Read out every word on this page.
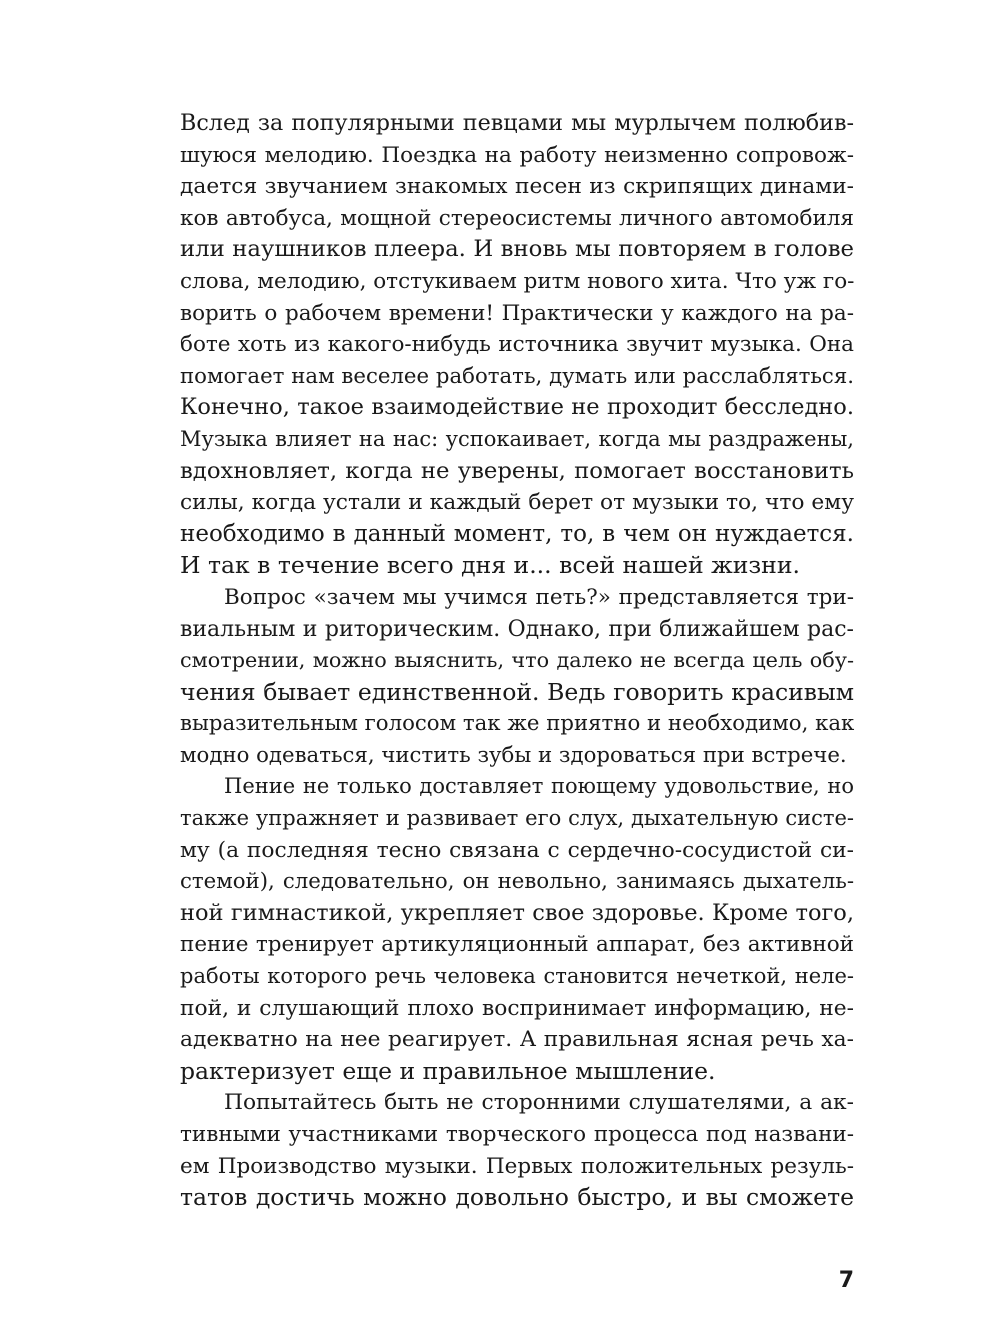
Вслед за популярными певцами мы мурлычем полюбив-
шуюся мелодию. Поездка на работу неизменно сопровож-
дается звучанием знакомых песен из скрипящих динами-
ков автобуса, мощной стереосистемы личного автомобиля
или наушников плеера. И вновь мы повторяем в голове
слова, мелодию, отстукиваем ритм нового хита. Что уж го-
ворить о рабочем времени! Практически у каждого на ра-
боте хоть из какого-нибудь источника звучит музыка. Она
помогает нам веселее работать, думать или расслабляться.
Конечно, такое взаимодействие не проходит бесследно.
Музыка влияет на нас: успокаивает, когда мы раздражены,
вдохновляет, когда не уверены, помогает восстановить
силы, когда устали и каждый берет от музыки то, что ему
необходимо в данный момент, то, в чем он нуждается.
И так в течение всего дня и... всей нашей жизни.

Вопрос «зачем мы учимся петь?» представляется три-
виальным и риторическим. Однако, при ближайшем рас-
смотрении, можно выяснить, что далеко не всегда цель обу-
чения бывает единственной. Ведь говорить красивым
выразительным голосом так же приятно и необходимо, как
модно одеваться, чистить зубы и здороваться при встрече.

Пение не только доставляет поющему удовольствие, но
также упражняет и развивает его слух, дыхательную систе-
му (а последняя тесно связана с сердечно-сосудистой си-
стемой), следовательно, он невольно, занимаясь дыхатель-
ной гимнастикой, укрепляет свое здоровье. Кроме того,
пение тренирует артикуляционный аппарат, без активной
работы которого речь человека становится нечеткой, неле-
пой, и слушающий плохо воспринимает информацию, не-
адекватно на нее реагирует. А правильная ясная речь ха-
рактеризует еще и правильное мышление.

Попытайтесь быть не сторонними слушателями, а ак-
тивными участниками творческого процесса под названи-
ем Производство музыки. Первых положительных резуль-
татов достичь можно довольно быстро, и вы сможете

7
